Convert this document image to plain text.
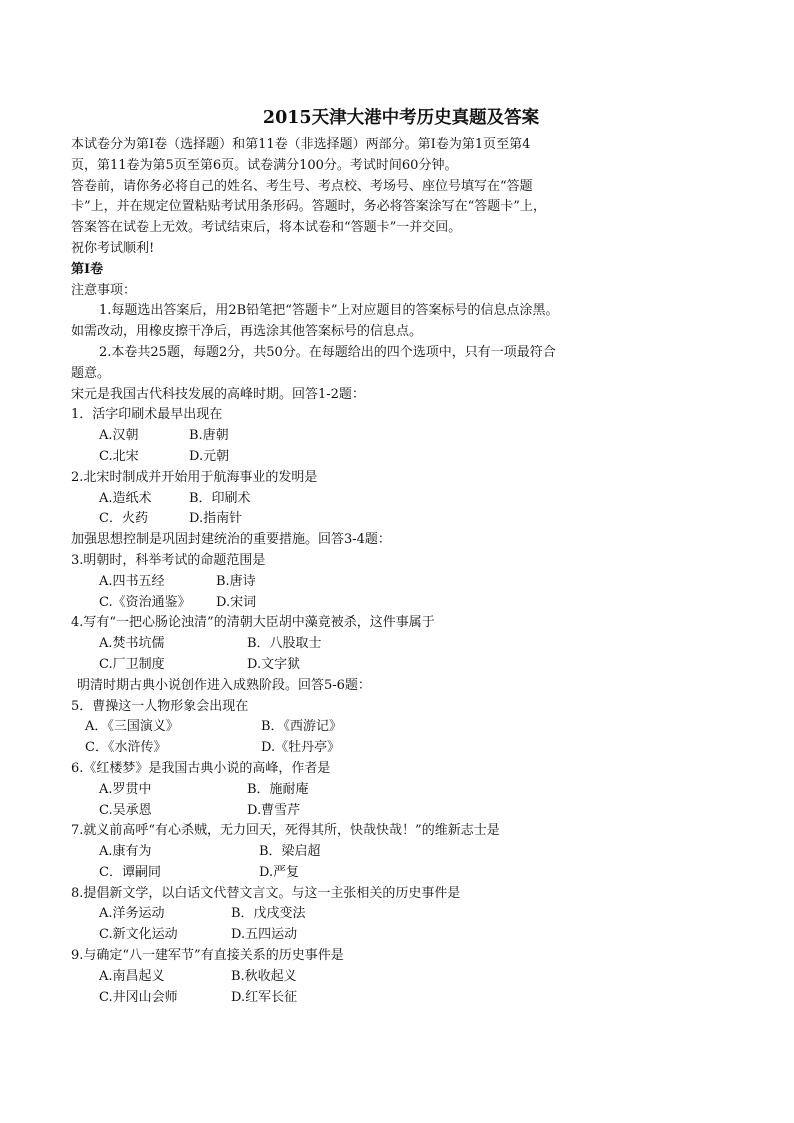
2015天津大港中考历史真题及答案
本试卷分为第Ⅰ卷（选择题）和第11卷（非选择题）两部分。第Ⅰ卷为第1页至第4
页，第11卷为第5页至第6页。试卷满分100分。考试时间60分钟。
答卷前，请你务必将自己的姓名、考生号、考点校、考场号、座位号填写在“答题
卡”上，并在规定位置粘贴考试用条形码。答题时，务必将答案涂写在“答题卡”上，
答案答在试卷上无效。考试结束后，将本试卷和“答题卡”一并交回。
祝你考试顺利!
第Ⅰ卷
注意事项：
1.每题选出答案后，用2B铅笔把“答题卡”上对应题目的答案标号的信息点涂黑。
如需改动，用橡皮擦干净后，再选涂其他答案标号的信息点。
2.本卷共25题，每题2分，共50分。在每题给出的四个选项中，只有一项最符合
题意。
宋元是我国古代科技发展的高峰时期。回答1-2题：
1．活字印刷术最早出现在
A.汉朝	B.唐朝
C.北宋	D.元朝
2.北宋时制成并开始用于航海事业的发明是
A.造纸术	B．印刷术
C．火药	D.指南针
加强思想控制是巩固封建统治的重要措施。回答3-4题：
3.明朝时，科举考试的命题范围是
A.四书五经	B.唐诗
C.《资治通鉴》	D.宋词
4.写有“一把心肠论浊清”的清朝大臣胡中藻竟被杀，这件事属于
A.焚书坑儒	B．八股取士
C.厂卫制度	D.文字狱
明清时期古典小说创作进入成熟阶段。回答5-6题：
5．曹操这一人物形象会出现在
A．《三国演义》	B．《西游记》
C．《水浒传》	D.《牡丹亭》
6.《红楼梦》是我国古典小说的高峰，作者是
A.罗贯中	B．施耐庵
C.吴承恩	D.曹雪芹
7.就义前高呼“有心杀贼，无力回天，死得其所，快哉快哉！”的维新志士是
A.康有为	B．梁启超
C．谭嗣同	D.严复
8.提倡新文学，以白话文代替文言文。与这一主张相关的历史事件是
A.洋务运动	B．戊戌变法
C.新文化运动	D.五四运动
9.与确定“八一建军节”有直接关系的历史事件是
A.南昌起义	B.秋收起义
C.井冈山会师	D.红军长征
